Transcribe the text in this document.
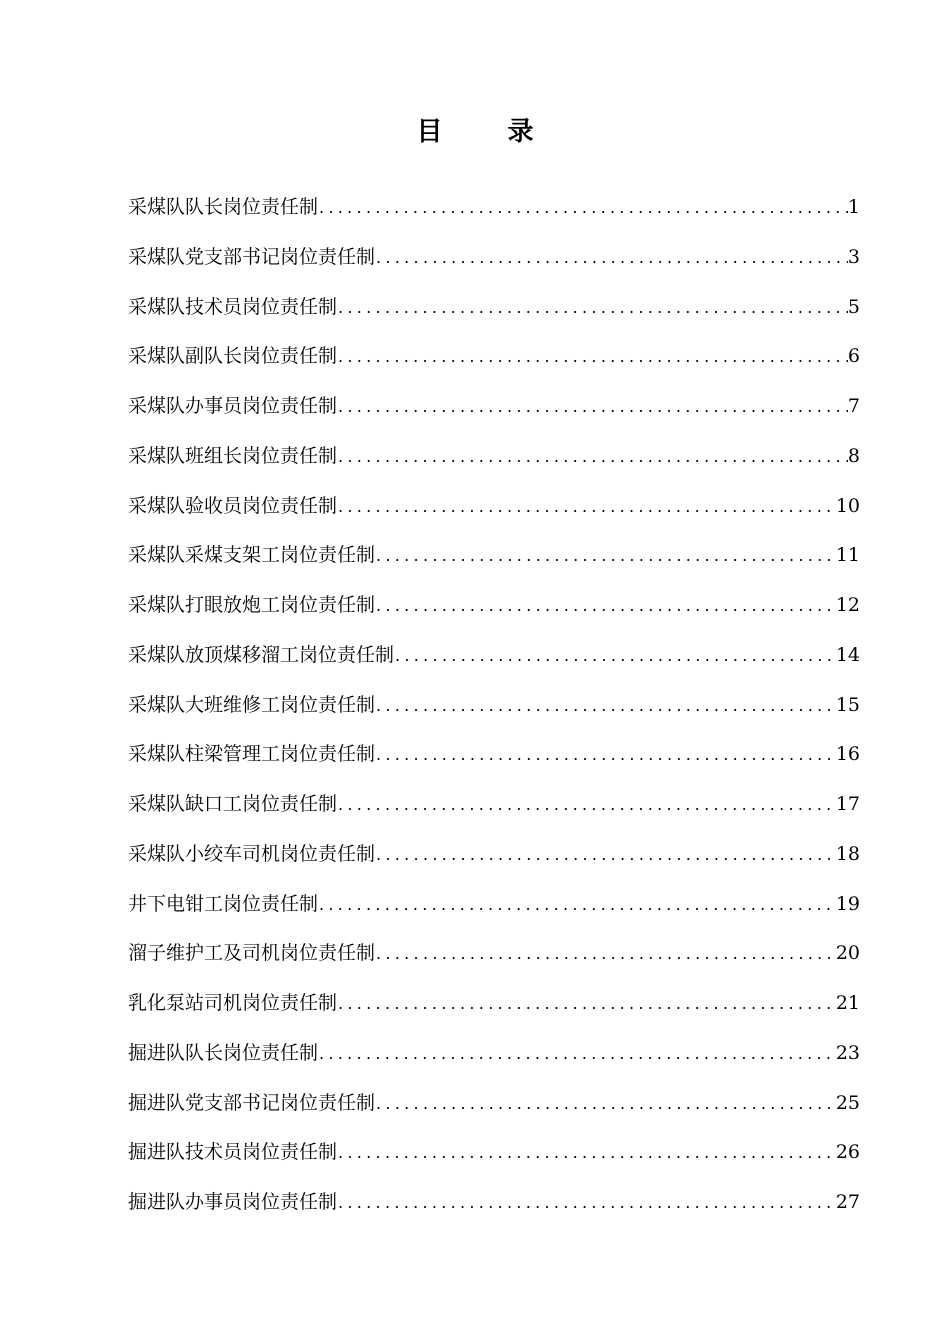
目 录
采煤队队长岗位责任制 .....	1
采煤队党支部书记岗位责任制 .....	3
采煤队技术员岗位责任制 .....	5
采煤队副队长岗位责任制 .....	6
采煤队办事员岗位责任制 .....	7
采煤队班组长岗位责任制 .....	8
采煤队验收员岗位责任制 .....	10
采煤队采煤支架工岗位责任制 .....	11
采煤队打眼放炮工岗位责任制 .....	12
采煤队放顶煤移溜工岗位责任制 .....	14
采煤队大班维修工岗位责任制 .....	15
采煤队柱梁管理工岗位责任制 .....	16
采煤队缺口工岗位责任制 .....	17
采煤队小绞车司机岗位责任制 .....	18
井下电钳工岗位责任制 .....	19
溜子维护工及司机岗位责任制 .....	20
乳化泵站司机岗位责任制 .....	21
掘进队队长岗位责任制 .....	23
掘进队党支部书记岗位责任制 .....	25
掘进队技术员岗位责任制 .....	26
掘进队办事员岗位责任制 .....	27
